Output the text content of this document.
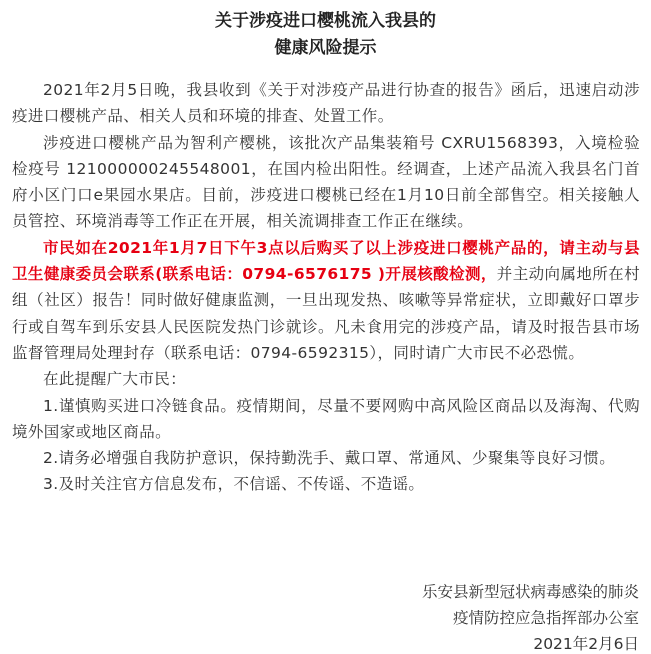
关于涉疫进口樱桃流入我县的
健康风险提示

2021年2月5日晚，我县收到《关于对涉疫产品进行协查的报告》函后，迅速启动涉疫进口樱桃产品、相关人员和环境的排查、处置工作。

涉疫进口樱桃产品为智利产樱桃，该批次产品集装箱号 CXRU1568393，入境检验检疫号 121000000245548001，在国内检出阳性。经调查，上述产品流入我县名门首府小区门口e果园水果店。目前，涉疫进口樱桃已经在1月10日前全部售空。相关接触人员管控、环境消毒等工作正在开展，相关流调排查工作正在继续。

市民如在2021年1月7日下午3点以后购买了以上涉疫进口樱桃产品的，请主动与县卫生健康委员会联系(联系电话：0794-6576175 )开展核酸检测，并主动向属地所在村组（社区）报告！同时做好健康监测，一旦出现发热、咳嗽等异常症状，立即戴好口罩步行或自驾车到乐安县人民医院发热门诊就诊。凡未食用完的涉疫产品，请及时报告县市场监督管理局处理封存（联系电话：0794-6592315），同时请广大市民不必恐慌。

在此提醒广大市民：

1.谨慎购买进口冷链食品。疫情期间，尽量不要网购中高风险区商品以及海淘、代购境外国家或地区商品。

2.请务必增强自我防护意识，保持勤洗手、戴口罩、常通风、少聚集等良好习惯。

3.及时关注官方信息发布，不信谣、不传谣、不造谣。

乐安县新型冠状病毒感染的肺炎
疫情防控应急指挥部办公室
2021年2月6日
